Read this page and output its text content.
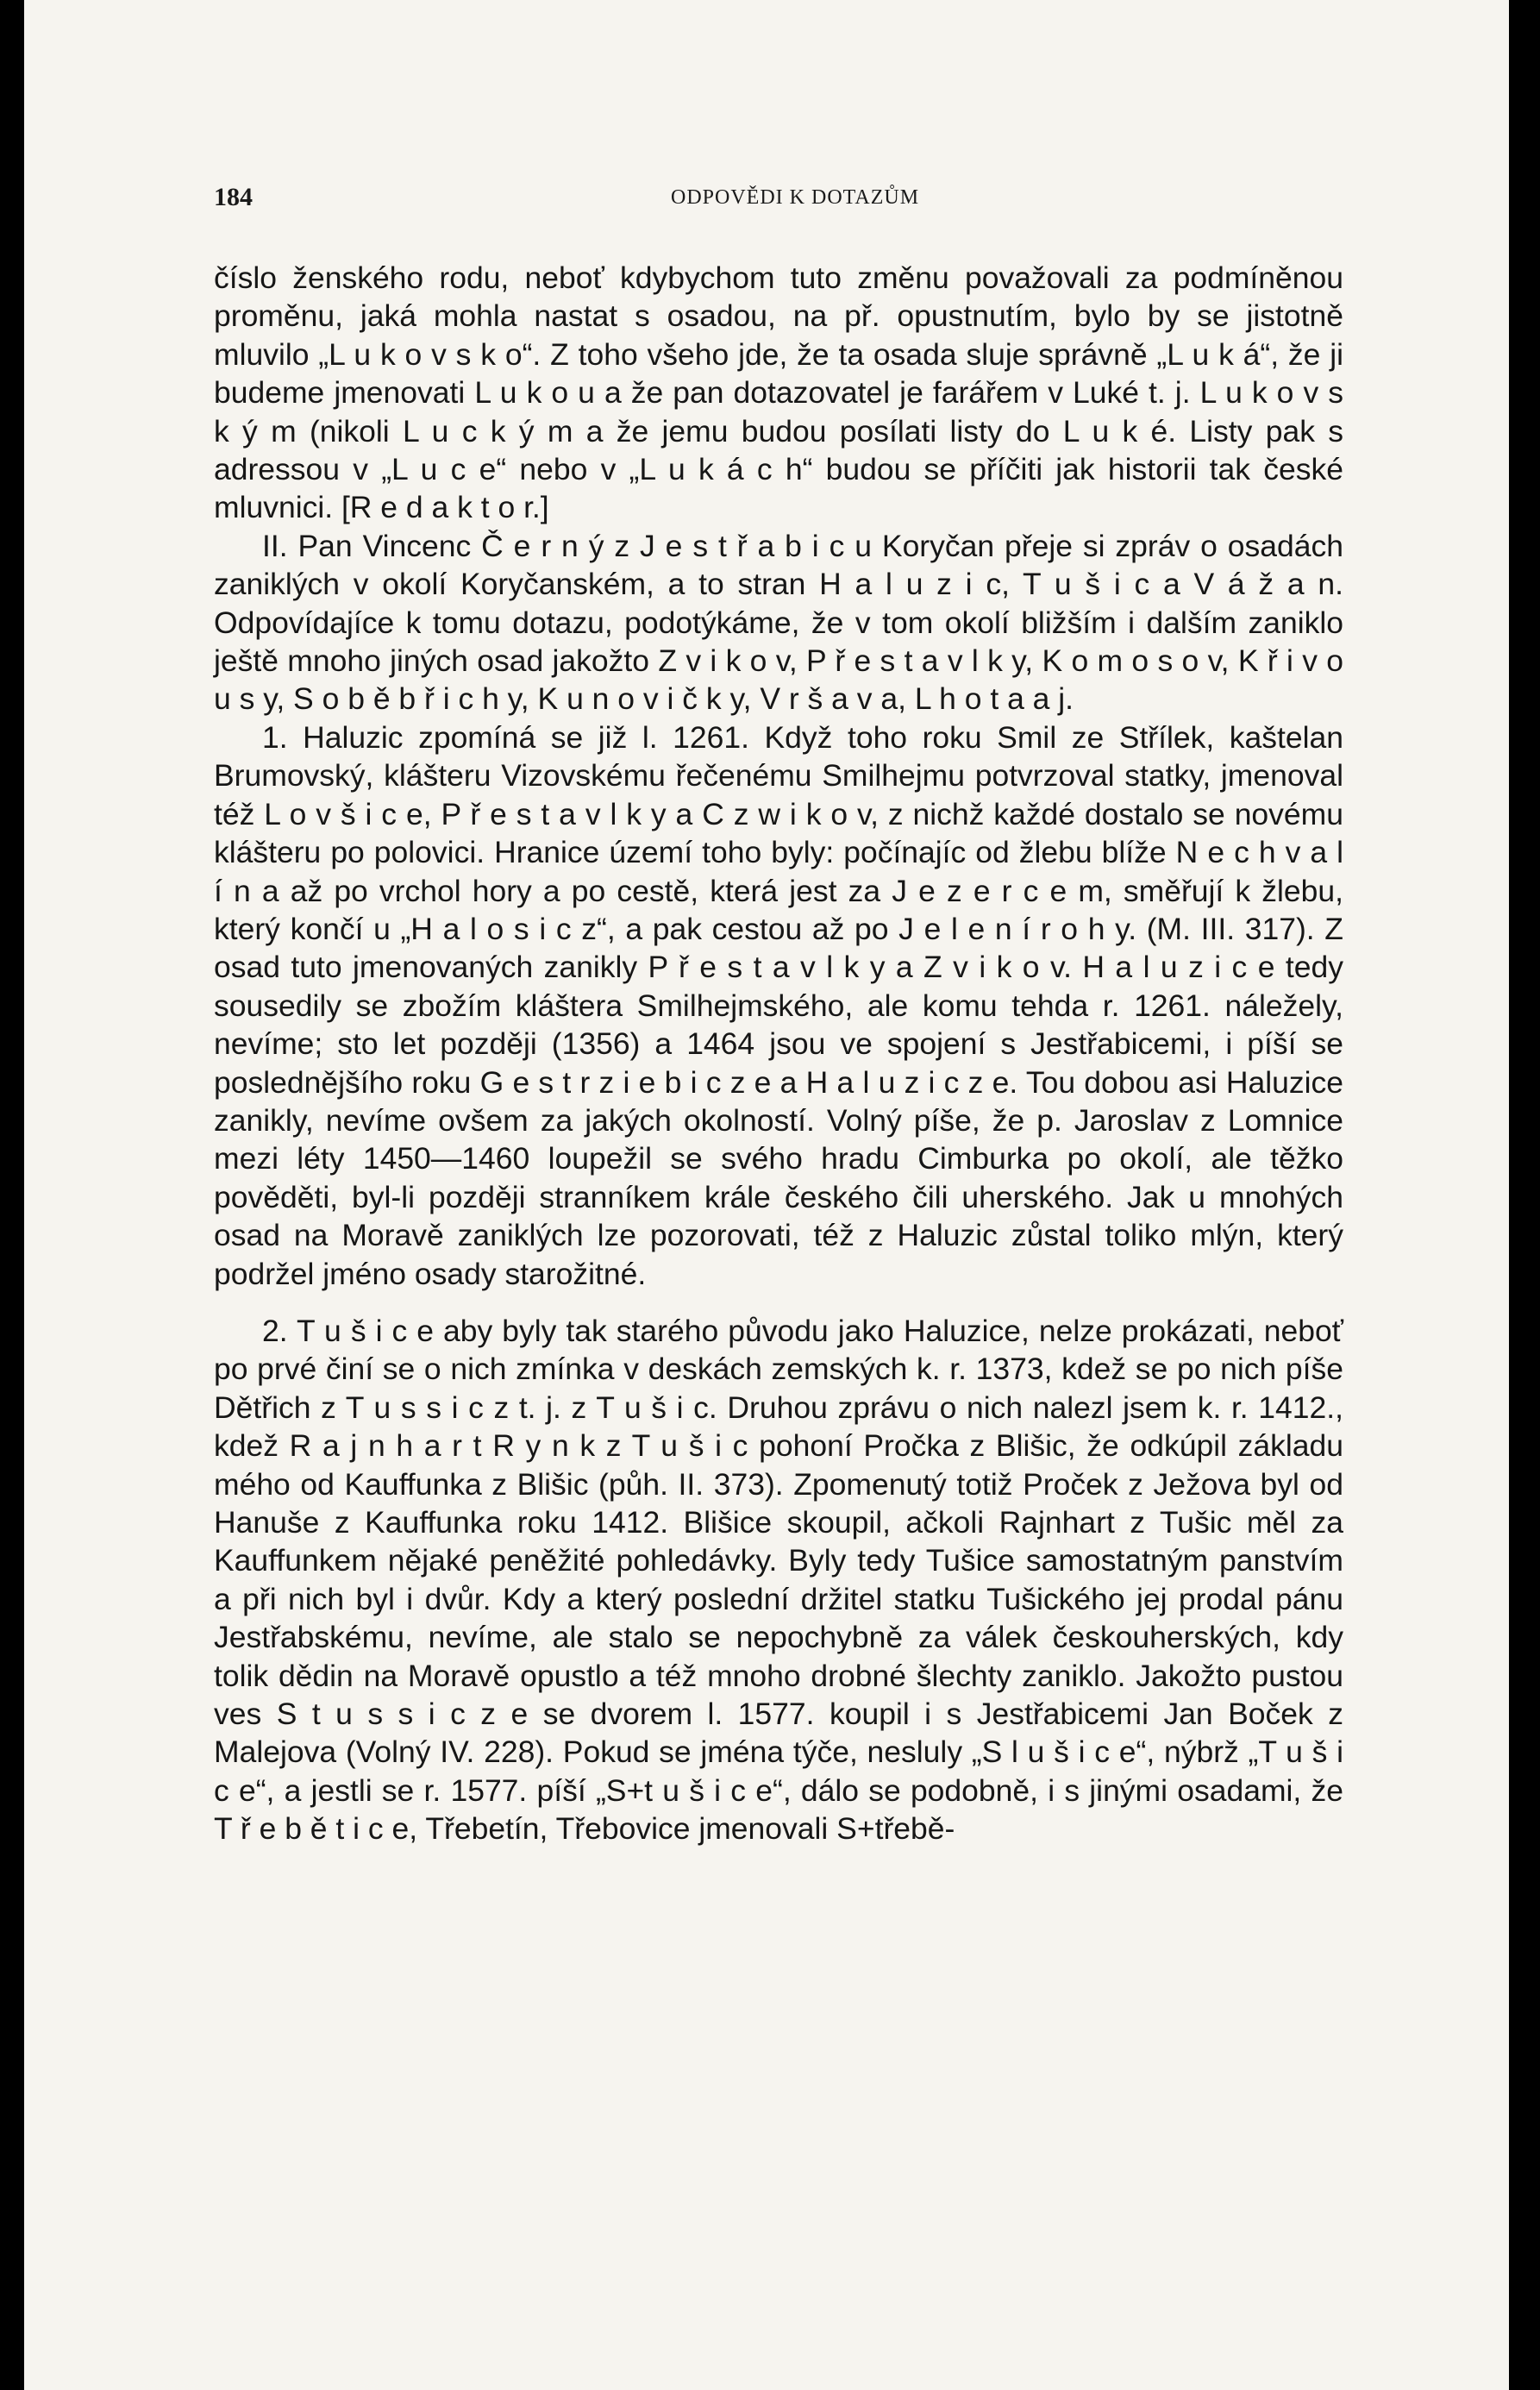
184	ODPOVĚDI K DOTAZŮM

číslo ženského rodu, neboť kdybychom tuto změnu považovali za podmíněnou proměnu, jaká mohla nastat s osadou, na př. opustnutím, bylo by se jistotně mluvilo „L u k o v s k o“. Z toho všeho jde, že ta osada sluje správně „L u k á“, že ji budeme jmenovati L u k o u a že pan dotazovatel je farářem v Luké t. j. L u k o v s k ý m (nikoli L u c k ý m a že jemu budou posílati listy do L u k é. Listy pak s adressou v „L u c e“ nebo v „L u k á c h“ budou se příčiti jak historii tak české mluvnici. [R e d a k t o r.]

II. Pan Vincenc Č e r n ý z J e s t ř a b i c u Koryčan přeje si zpráv o osadách zaniklých v okolí Koryčanském, a to stran H a l u z i c, T u š i c a V á ž a n. Odpovídajíce k tomu dotazu, podotýkáme, že v tom okolí bližším i dalším zaniklo ještě mnoho jiných osad jakožto Z v i k o v, P ř e s t a v l k y, K o m o s o v, K ř i v o u s y, S o b ě b ř i c h y, K u n o v i č k y, V r š a v a, L h o t a a j.

1. Haluzic zpomíná se již l. 1261. Když toho roku Smil ze Střílek, kaštelan Brumovský, klášteru Vizovskému řečenému Smilhejmu potvrzoval statky, jmenoval též L o v š i c e, P ř e s t a v l k y a C z w i k o v, z nichž každé dostalo se novému klášteru po polovici. Hranice území toho byly: počínajíc od žlebu blíže N e c h v a l í n a až po vrchol hory a po cestě, která jest za J e z e r c e m, směřují k žlebu, který končí u „H a l o s i c z“, a pak cestou až po J e l e n í r o h y. (M. III. 317). Z osad tuto jmenovaných zanikly P ř e s t a v l k y a Z v i k o v. H a l u z i c e tedy sousedily se zbožím kláštera Smilhejmského, ale komu tehda r. 1261. náležely, nevíme; sto let později (1356) a 1464 jsou ve spojení s Jestřabicemi, i píší se poslednějšího roku G e s t r z i e b i c z e a H a l u z i c z e. Tou dobou asi Haluzice zanikly, nevíme ovšem za jakých okolností. Volný píše, že p. Jaroslav z Lomnice mezi léty 1450—1460 loupežil se svého hradu Cimburka po okolí, ale těžko pověděti, byl-li později stranníkem krále českého čili uherského. Jak u mnohých osad na Moravě zaniklých lze pozorovati, též z Haluzic zůstal toliko mlýn, který podržel jméno osady starožitné.

2. T u š i c e aby byly tak starého původu jako Haluzice, nelze prokázati, neboť po prvé činí se o nich zmínka v deskách zemských k. r. 1373, kdež se po nich píše Dětřich z T u s s i c z t. j. z T u š i c. Druhou zprávu o nich nalezl jsem k. r. 1412., kdež R a j n h a r t R y n k z T u š i c pohoní Pročka z Blišic, že odkúpil základu mého od Kauffunka z Blišic (půh. II. 373). Zpomenutý totiž Proček z Ježova byl od Hanuše z Kauffunka roku 1412. Blišice skoupil, ačkoli Rajnhart z Tušic měl za Kauffunkem nějaké peněžité pohledávky. Byly tedy Tušice samostatným panstvím a při nich byl i dvůr. Kdy a který poslední držitel statku Tušického jej prodal pánu Jestřabskému, nevíme, ale stalo se nepochybně za válek českouherských, kdy tolik dědin na Moravě opustlo a též mnoho drobné šlechty zaniklo. Jakožto pustou ves S t u s s i c z e se dvorem l. 1577. koupil i s Jestřabicemi Jan Boček z Malejova (Volný IV. 228). Pokud se jména týče, nesluly „S l u š i c e“, nýbrž „T u š i c e“, a jestli se r. 1577. píší „S+t u š i c e“, dálo se podobně, i s jinými osadami, že T ř e b ě t i c e, Třebetín, Třebovice jmenovali S+třebě-
